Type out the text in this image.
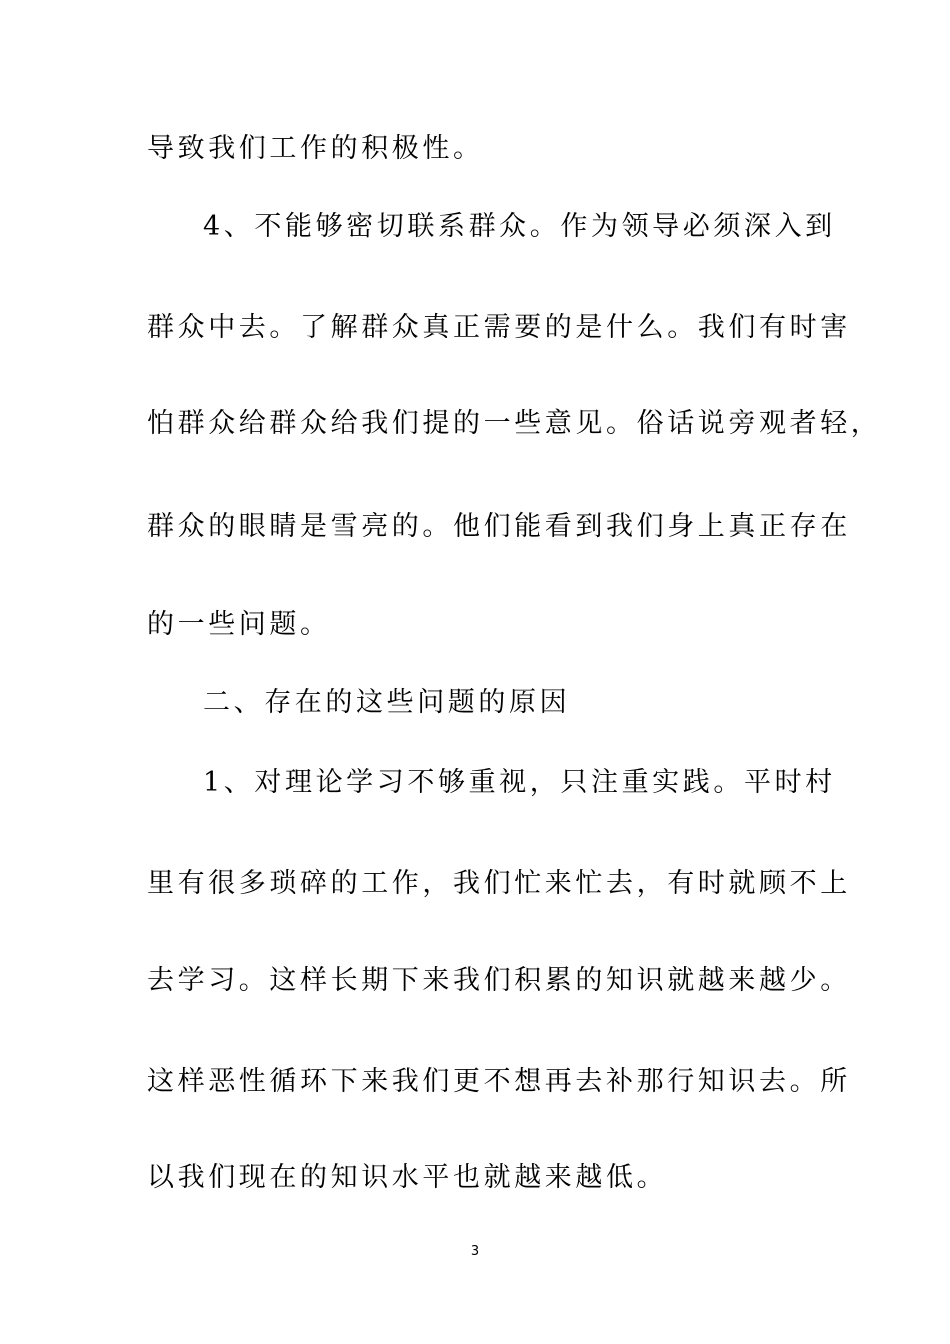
导致我们工作的积极性。
4、不能够密切联系群众。作为领导必须深入到
群众中去。了解群众真正需要的是什么。我们有时害
怕群众给群众给我们提的一些意见。俗话说旁观者轻，
群众的眼睛是雪亮的。他们能看到我们身上真正存在
的一些问题。
二、存在的这些问题的原因
1、对理论学习不够重视，只注重实践。平时村
里有很多琐碎的工作，我们忙来忙去，有时就顾不上
去学习。这样长期下来我们积累的知识就越来越少。
这样恶性循环下来我们更不想再去补那行知识去。所
以我们现在的知识水平也就越来越低。
3
